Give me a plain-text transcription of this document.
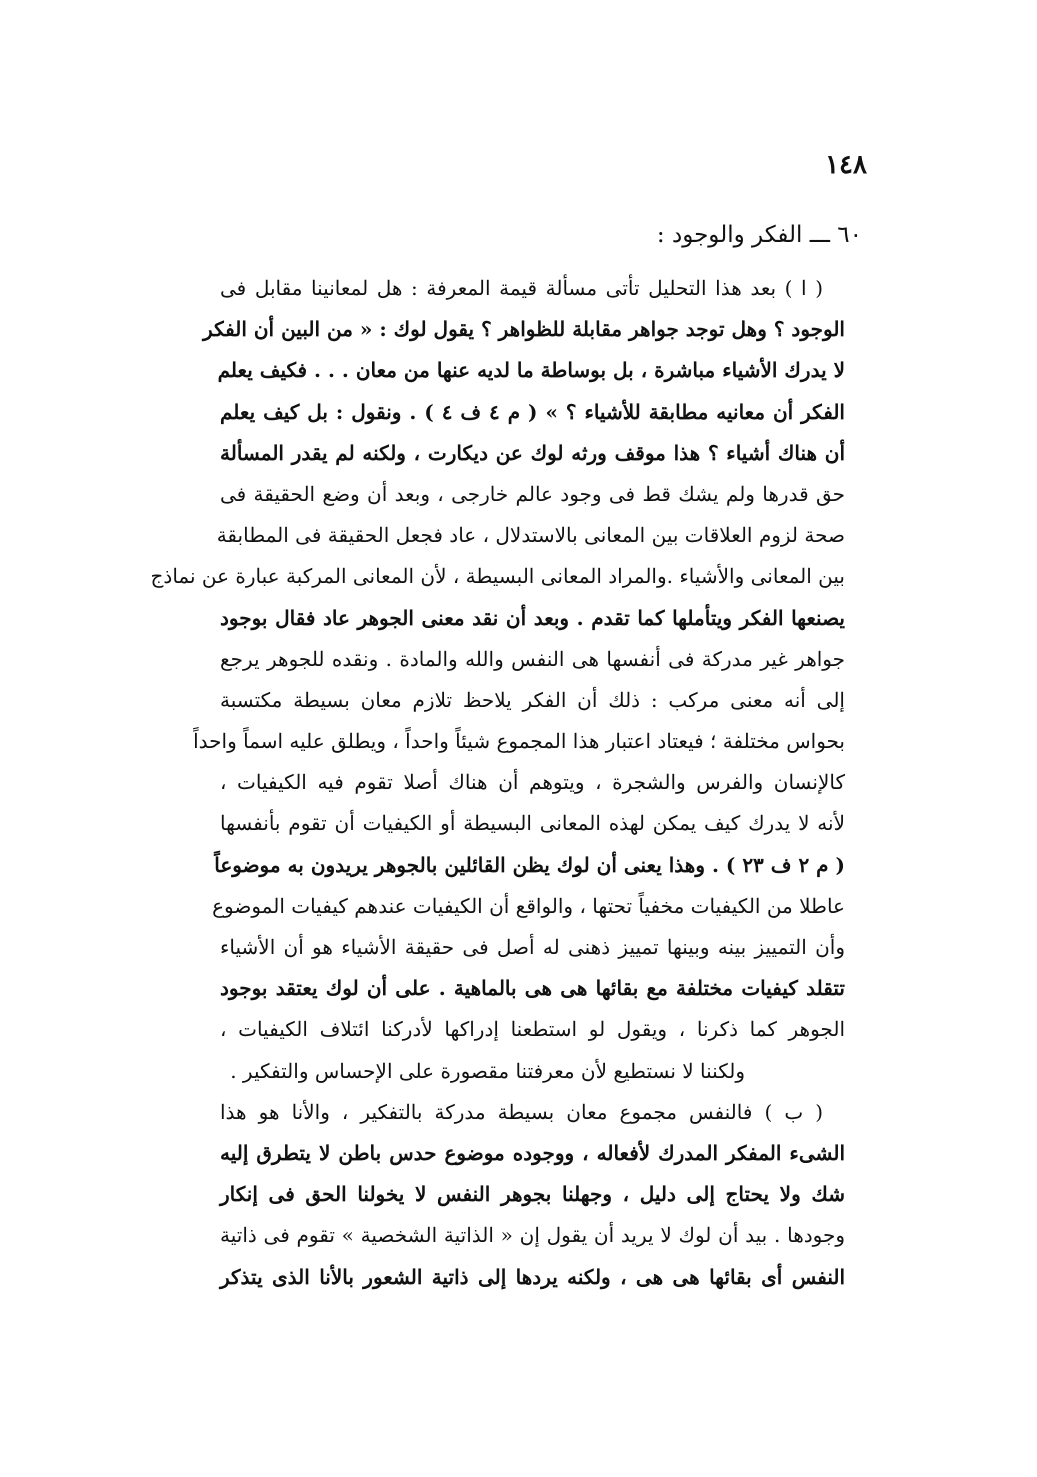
١٤٨
٦٠ ـــ الفكر والوجود :
( ا ) بعد هذا التحليل تأتى مسألة قيمة المعرفة : هل لمعانينا مقابل فى
الوجود ؟ وهل توجد جواهر مقابلة للظواهر ؟ يقول لوك : « من البين أن الفكر
لا يدرك الأشياء مباشرة ، بل بوساطة ما لديه عنها من معان . . . فكيف يعلم
الفكر أن معانيه مطابقة للأشياء ؟ » ( م ٤ ف ٤ ) . ونقول : بل كيف يعلم
أن هناك أشياء ؟ هذا موقف ورثه لوك عن ديكارت ، ولكنه لم يقدر المسألة
حق قدرها ولم يشك قط فى وجود عالم خارجى ، وبعد أن وضع الحقيقة فى
صحة لزوم العلاقات بين المعانى بالاستدلال ، عاد فجعل الحقيقة فى المطابقة
بين المعانى والأشياء .والمراد المعانى البسيطة ، لأن المعانى المركبة عبارة عن نماذج
يصنعها الفكر ويتأملها كما تقدم . وبعد أن نقد معنى الجوهر عاد فقال بوجود
جواهر غير مدركة فى أنفسها هى النفس والله والمادة . ونقده للجوهر يرجع
إلى أنه معنى مركب : ذلك أن الفكر يلاحظ تلازم معان بسيطة مكتسبة
بحواس مختلفة ؛ فيعتاد اعتبار هذا المجموع شيئاً واحداً ، ويطلق عليه اسماً واحداً
كالإنسان والفرس والشجرة ، ويتوهم أن هناك أصلا تقوم فيه الكيفيات ،
لأنه لا يدرك كيف يمكن لهذه المعانى البسيطة أو الكيفيات أن تقوم بأنفسها
( م ٢ ف ٢٣ ) . وهذا يعنى أن لوك يظن القائلين بالجوهر يريدون به موضوعاً
عاطلا من الكيفيات مخفياً تحتها ، والواقع أن الكيفيات عندهم كيفيات الموضوع
وأن التمييز بينه وبينها تمييز ذهنى له أصل فى حقيقة الأشياء هو أن الأشياء
تتقلد كيفيات مختلفة مع بقائها هى هى بالماهية . على أن لوك يعتقد بوجود
الجوهر كما ذكرنا ، ويقول لو استطعنا إدراكها لأدركنا ائتلاف الكيفيات ،
ولكننا لا نستطيع لأن معرفتنا مقصورة على الإحساس والتفكير .
( ب ) فالنفس مجموع معان بسيطة مدركة بالتفكير ، والأنا هو هذا
الشىء المفكر المدرك لأفعاله ، ووجوده موضوع حدس باطن لا يتطرق إليه
شك ولا يحتاج إلى دليل ، وجهلنا بجوهر النفس لا يخولنا الحق فى إنكار
وجودها . بيد أن لوك لا يريد أن يقول إن « الذاتية الشخصية » تقوم فى ذاتية
النفس أى بقائها هى هى ، ولكنه يردها إلى ذاتية الشعور بالأنا الذى يتذكر
